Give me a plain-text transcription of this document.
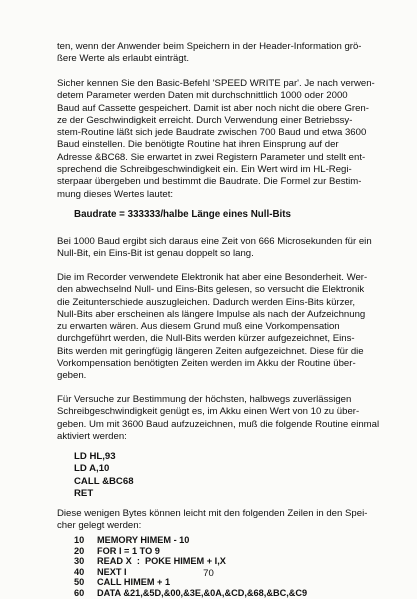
ten, wenn der Anwender beim Speichern in der Header-Information grö-
ßere Werte als erlaubt einträgt.
Sicher kennen Sie den Basic-Befehl 'SPEED WRITE par'. Je nach verwen-
detem Parameter werden Daten mit durchschnittlich 1000 oder 2000
Baud auf Cassette gespeichert. Damit ist aber noch nicht die obere Gren-
ze der Geschwindigkeit erreicht. Durch Verwendung einer Betriebssy-
stem-Routine läßt sich jede Baudrate zwischen 700 Baud und etwa 3600
Baud einstellen. Die benötigte Routine hat ihren Einsprung auf der
Adresse &BC68. Sie erwartet in zwei Registern Parameter und stellt ent-
sprechend die Schreibgeschwindigkeit ein. Ein Wert wird im HL-Regi-
sterpaar übergeben und bestimmt die Baudrate. Die Formel zur Bestim-
mung dieses Wertes lautet:
Baudrate = 333333/halbe Länge eines Null-Bits
Bei 1000 Baud ergibt sich daraus eine Zeit von 666 Microsekunden für ein
Null-Bit, ein Eins-Bit ist genau doppelt so lang.
Die im Recorder verwendete Elektronik hat aber eine Besonderheit. Wer-
den abwechselnd Null- und Eins-Bits gelesen, so versucht die Elektronik
die Zeitunterschiede auszugleichen. Dadurch werden Eins-Bits kürzer,
Null-Bits aber erscheinen als längere Impulse als nach der Aufzeichnung
zu erwarten wären. Aus diesem Grund muß eine Vorkompensation
durchgeführt werden, die Null-Bits werden kürzer aufgezeichnet, Eins-
Bits werden mit geringfügig längeren Zeiten aufgezeichnet. Diese für die
Vorkompensation benötigten Zeiten werden im Akku der Routine über-
geben.
Für Versuche zur Bestimmung der höchsten, halbwegs zuverlässigen
Schreibgeschwindigkeit genügt es, im Akku einen Wert von 10 zu über-
geben. Um mit 3600 Baud aufzuzeichnen, muß die folgende Routine einmal
aktiviert werden:
LD HL,93
LD A,10
CALL &BC68
RET
Diese wenigen Bytes können leicht mit den folgenden Zeilen in den Spei-
cher gelegt werden:
70
10 MEMORY HIMEM - 10
20 FOR I = 1 TO 9
30 READ X  :  POKE HIMEM + I,X
40 NEXT I
50 CALL HIMEM + 1
60 DATA &21,&5D,&00,&3E,&0A,&CD,&68,&BC,&C9
